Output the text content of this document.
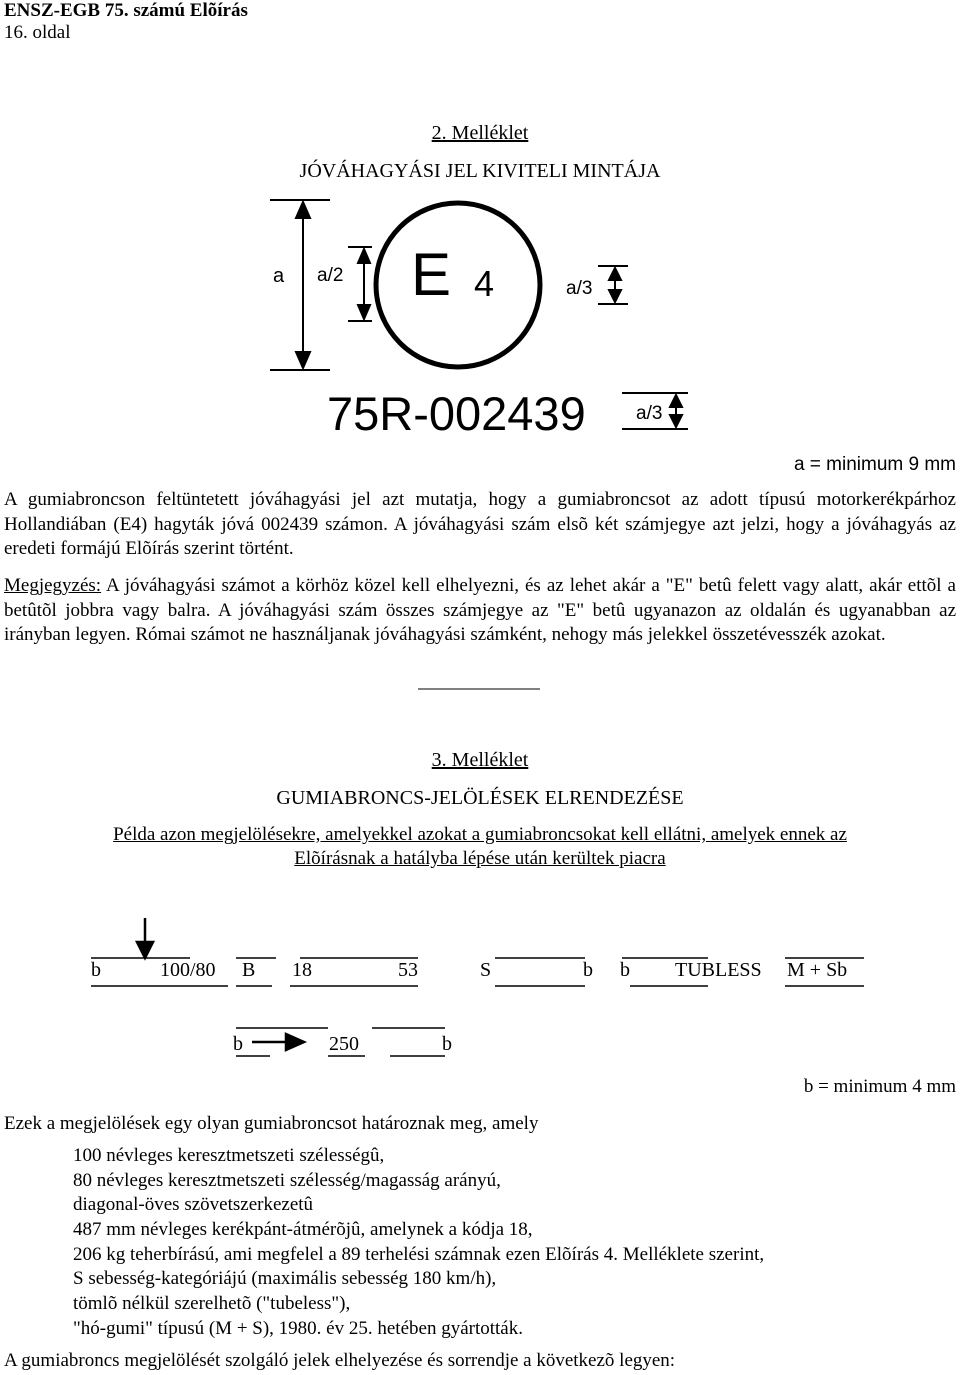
ENSZ-EGB 75. számú Elõírás
16. oldal
2. Melléklet
JÓVÁHAGYÁSI JEL KIVITELI MINTÁJA
a a/2 E 4	a/3
75R-002439	a/3
a = minimum 9 mm
A gumiabroncson feltüntetett jóváhagyási jel azt mutatja, hogy a gumiabroncsot az adott típusú motorkerékpárhoz Hollandiában (E4) hagyták jóvá 002439 számon. A jóváhagyási szám elsõ két számjegye azt jelzi, hogy a jóváhagyás az eredeti formájú Elõírás szerint történt.
Megjegyzés: A jóváhagyási számot a körhöz közel kell elhelyezni, és az lehet akár a "E" betû felett vagy alatt, akár ettõl a betûtõl jobbra vagy balra. A jóváhagyási szám összes számjegye az "E" betû ugyanazon az oldalán és ugyanabban az irányban legyen. Római számot ne használjanak jóváhagyási számként, nehogy más jelekkel összetévesszék azokat.
3. Melléklet
GUMIABRONCS-JELÖLÉSEK ELRENDEZÉSE
Példa azon megjelölésekre, amelyekkel azokat a gumiabroncsokat kell ellátni, amelyek ennek az
Elõírásnak a hatályba lépése után kerültek piacra
b	100/80 B 18	53	S	b b TUBLESS M + Sb
b	250	b
b = minimum 4 mm
Ezek a megjelölések egy olyan gumiabroncsot határoznak meg, amely
100 névleges keresztmetszeti szélességû,
80 névleges keresztmetszeti szélesség/magasság arányú,
diagonal-öves szövetszerkezetû
487 mm névleges kerékpánt-átmérõjû, amelynek a kódja 18,
206 kg teherbírású, ami megfelel a 89 terhelési számnak ezen Elõírás 4. Melléklete szerint,
S sebesség-kategóriájú (maximális sebesség 180 km/h),
tömlõ nélkül szerelhetõ ("tubeless"),
"hó-gumi" típusú (M + S), 1980. év 25. hetében gyártották.
A gumiabroncs megjelölését szolgáló jelek elhelyezése és sorrendje a következõ legyen:
